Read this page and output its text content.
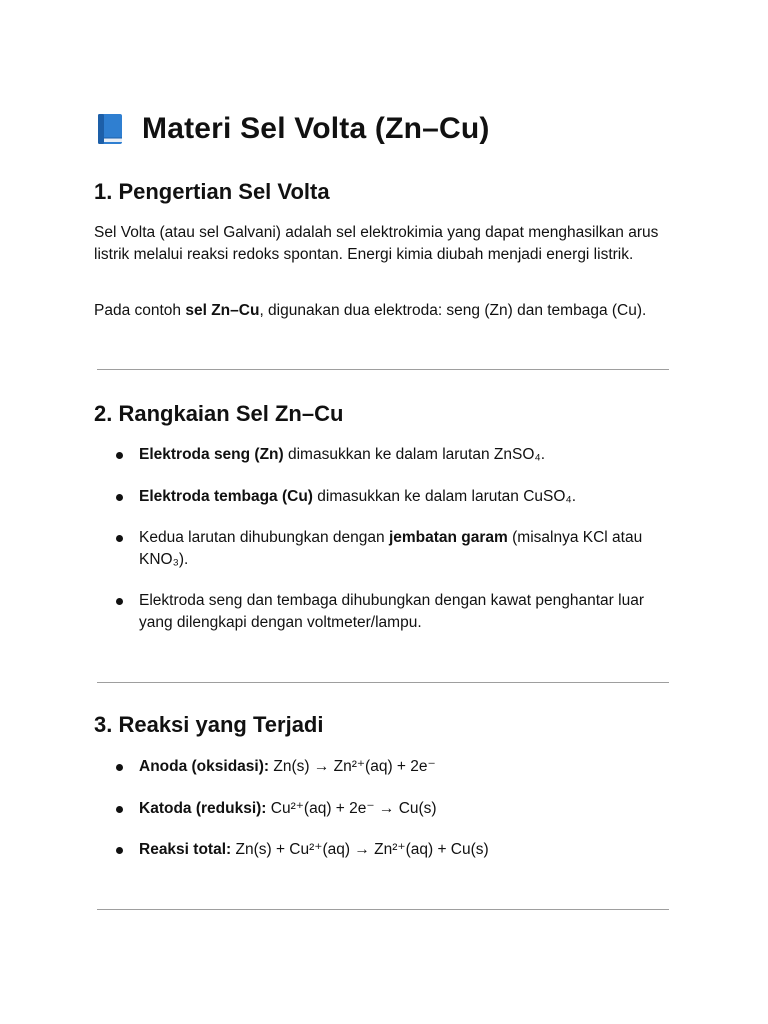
Materi Sel Volta (Zn–Cu)
1. Pengertian Sel Volta

Sel Volta (atau sel Galvani) adalah sel elektrokimia yang dapat menghasilkan arus listrik melalui reaksi redoks spontan. Energi kimia diubah menjadi energi listrik.

Pada contoh sel Zn–Cu, digunakan dua elektroda: seng (Zn) dan tembaga (Cu).

2. Rangkaian Sel Zn–Cu
Elektroda seng (Zn) dimasukkan ke dalam larutan ZnSO₄.
Elektroda tembaga (Cu) dimasukkan ke dalam larutan CuSO₄.
Kedua larutan dihubungkan dengan jembatan garam (misalnya KCl atau KNO₃).
Elektroda seng dan tembaga dihubungkan dengan kawat penghantar luar yang dilengkapi dengan voltmeter/lampu.
3. Reaksi yang Terjadi
Anoda (oksidasi): Zn(s) → Zn²⁺(aq) + 2e⁻
Katoda (reduksi): Cu²⁺(aq) + 2e⁻ → Cu(s)
Reaksi total: Zn(s) + Cu²⁺(aq) → Zn²⁺(aq) + Cu(s)
